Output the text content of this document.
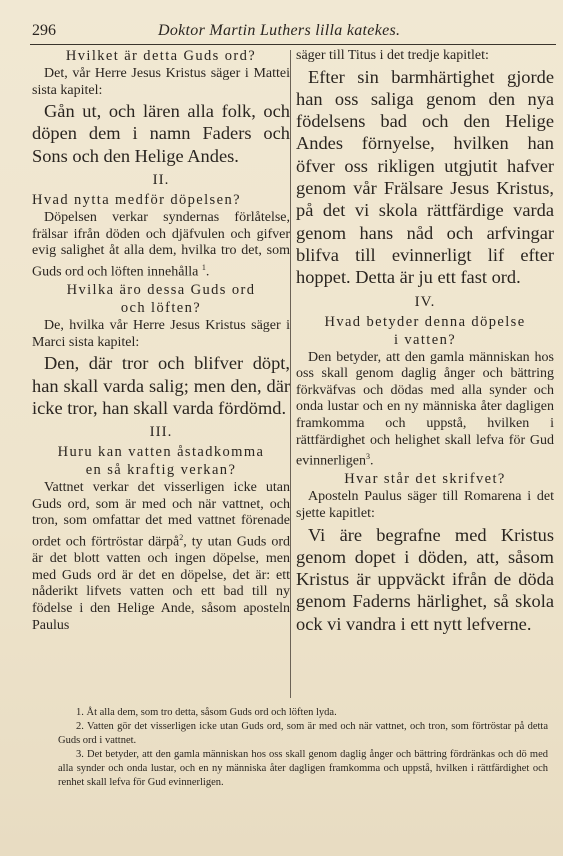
296	Doktor Martin Luthers lilla katekes.

Hvilket är detta Guds ord?

Det, vår Herre Jesus Kristus säger i Mattei sista kapitel:

Gån ut, och lären alla folk, och döpen dem i namn Faders och Sons och den Helige Andes.

II.

Hvad nytta medför döpelsen?

Döpelsen verkar syndernas förlåtelse, frälsar ifrån döden och djäfvulen och gifver evig salighet åt alla dem, hvilka tro det, som Guds ord och löften innehålla $^1$.

Hvilka äro dessa Guds ord

och löften?

De, hvilka vår Herre Jesus Kristus säger i Marci sista kapitel:

Den, där tror och blifver döpt, han skall varda salig; men den, där icke tror, han skall varda fördömd.

III.

Huru kan vatten åstadkomma

en så kraftig verkan?

Vattnet verkar det visserligen icke utan Guds ord, som är med och när vattnet, och tron, som omfattar det med vattnet förenade ordet och förtröstar därpå$^2$, ty utan Guds ord är det blott vatten och ingen döpelse, men med Guds ord är det en döpelse, det är: ett nåderikt lifvets vatten och ett bad till ny födelse i den Helige Ande, såsom aposteln Paulus

säger till Titus i det tredje kapitlet:

Efter sin barmhärtighet gjorde han oss saliga genom den nya födelsens bad och den Helige Andes förnyelse, hvilken han öfver oss rikligen utgjutit hafver genom vår Frälsare Jesus Kristus, på det vi skola rättfärdige varda genom hans nåd och arfvingar blifva till evinnerligt lif efter hoppet. Detta är ju ett fast ord.

IV.

Hvad betyder denna döpelse

i vatten?

Den betyder, att den gamla människan hos oss skall genom daglig ånger och bättring förkväfvas och dödas med alla synder och onda lustar och en ny människa åter dagligen framkomma och uppstå, hvilken i rättfärdighet och helighet skall lefva för Gud evinnerligen$^3$.

Hvar står det skrifvet?

Aposteln Paulus säger till Romarena i det sjette kapitlet:

Vi äre begrafne med Kristus genom dopet i döden, att, såsom Kristus är uppväckt ifrån de döda genom Faderns härlighet, så skola ock vi vandra i ett nytt lefverne.

1. Åt alla dem, som tro detta, såsom Guds ord och löften lyda.

2. Vatten gör det visserligen icke utan Guds ord, som är med och när vattnet, och tron, som förtröstar på detta Guds ord i vattnet.

3. Det betyder, att den gamla människan hos oss skall genom daglig ånger och bättring fördränkas och dö med alla synder och onda lustar, och en ny människa åter dagligen framkomma och uppstå, hvilken i rättfärdighet och renhet skall lefva för Gud evinnerligen.
